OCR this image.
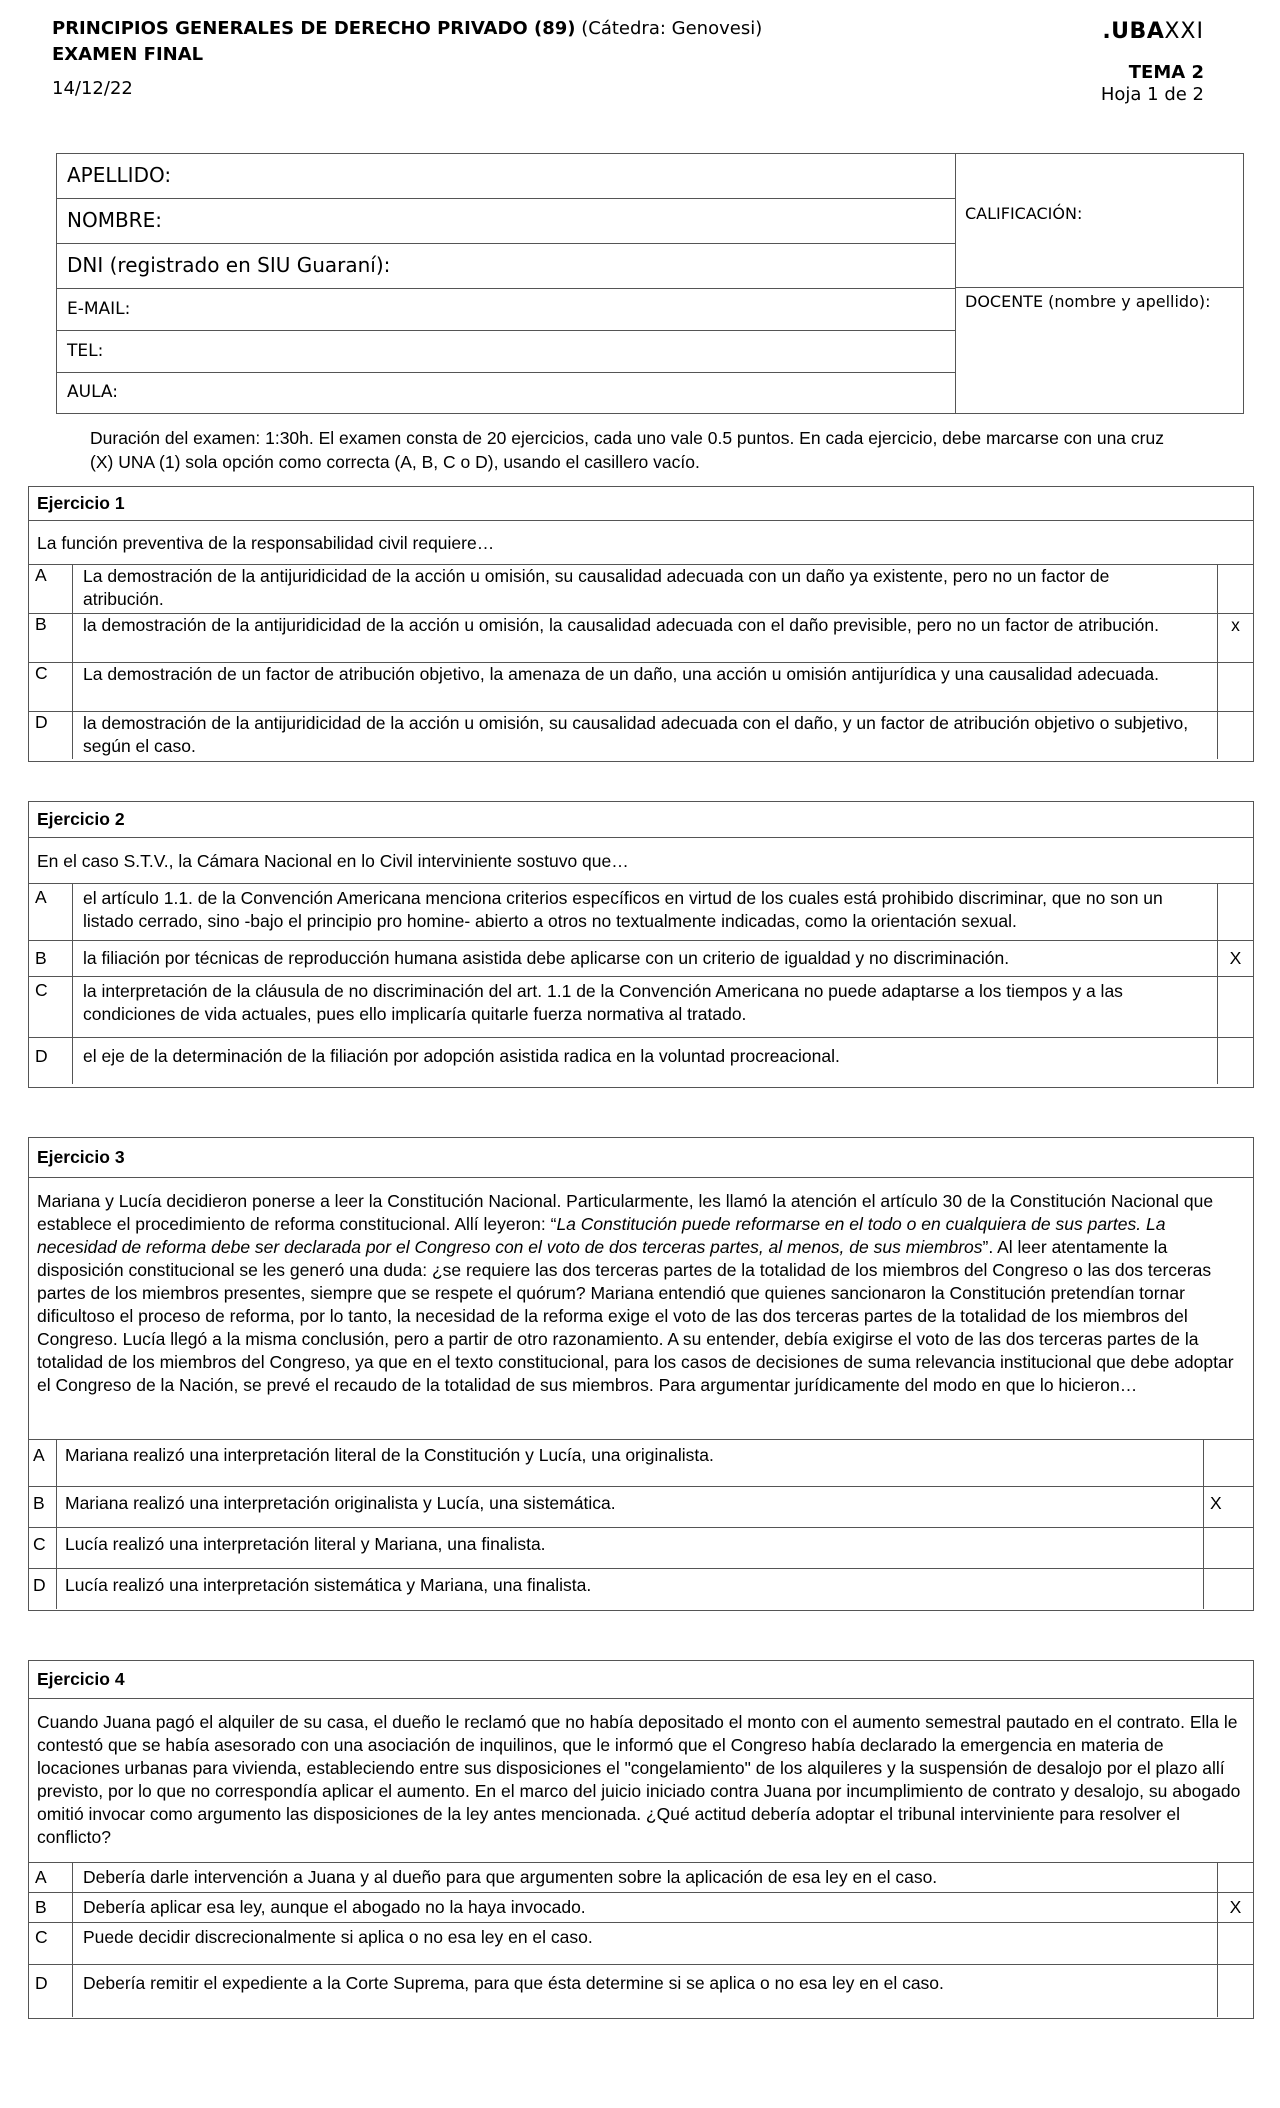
PRINCIPIOS GENERALES DE DERECHO PRIVADO (89) (Cátedra: Genovesi)
EXAMEN FINAL
14/12/22
.UBAXXI
TEMA 2
Hoja 1 de 2
APELLIDO:
NOMBRE:
DNI (registrado en SIU Guaraní):
E-MAIL:
TEL:
AULA:
CALIFICACIÓN:
DOCENTE (nombre y apellido):
Duración del examen: 1:30h. El examen consta de 20 ejercicios, cada uno vale 0.5 puntos. En cada ejercicio, debe marcarse con una cruz (X) UNA (1) sola opción como correcta (A, B, C o D), usando el casillero vacío.
Ejercicio 1
La función preventiva de la responsabilidad civil requiere…
A	La demostración de la antijuridicidad de la acción u omisión, su causalidad adecuada con un daño ya existente, pero no un factor de atribución.
B	la demostración de la antijuridicidad de la acción u omisión, la causalidad adecuada con el daño previsible, pero no un factor de atribución.	x
C	La demostración de un factor de atribución objetivo, la amenaza de un daño, una acción u omisión antijurídica y una causalidad adecuada.
D	la demostración de la antijuridicidad de la acción u omisión, su causalidad adecuada con el daño, y un factor de atribución objetivo o subjetivo, según el caso.
Ejercicio 2
En el caso S.T.V., la Cámara Nacional en lo Civil interviniente sostuvo que…
A	el artículo 1.1. de la Convención Americana menciona criterios específicos en virtud de los cuales está prohibido discriminar, que no son un listado cerrado, sino -bajo el principio pro homine- abierto a otros no textualmente indicadas, como la orientación sexual.
B	la filiación por técnicas de reproducción humana asistida debe aplicarse con un criterio de igualdad y no discriminación.	X
C	la interpretación de la cláusula de no discriminación del art. 1.1 de la Convención Americana no puede adaptarse a los tiempos y a las condiciones de vida actuales, pues ello implicaría quitarle fuerza normativa al tratado.
D	el eje de la determinación de la filiación por adopción asistida radica en la voluntad procreacional.
Ejercicio 3
Mariana y Lucía decidieron ponerse a leer la Constitución Nacional. Particularmente, les llamó la atención el artículo 30 de la Constitución Nacional que establece el procedimiento de reforma constitucional. Allí leyeron: “La Constitución puede reformarse en el todo o en cualquiera de sus partes. La necesidad de reforma debe ser declarada por el Congreso con el voto de dos terceras partes, al menos, de sus miembros”. Al leer atentamente la disposición constitucional se les generó una duda: ¿se requiere las dos terceras partes de la totalidad de los miembros del Congreso o las dos terceras partes de los miembros presentes, siempre que se respete el quórum? Mariana entendió que quienes sancionaron la Constitución pretendían tornar dificultoso el proceso de reforma, por lo tanto, la necesidad de la reforma exige el voto de las dos terceras partes de la totalidad de los miembros del Congreso. Lucía llegó a la misma conclusión, pero a partir de otro razonamiento. A su entender, debía exigirse el voto de las dos terceras partes de la totalidad de los miembros del Congreso, ya que en el texto constitucional, para los casos de decisiones de suma relevancia institucional que debe adoptar el Congreso de la Nación, se prevé el recaudo de la totalidad de sus miembros. Para argumentar jurídicamente del modo en que lo hicieron…
A	Mariana realizó una interpretación literal de la Constitución y Lucía, una originalista.
B	Mariana realizó una interpretación originalista y Lucía, una sistemática.	X
C	Lucía realizó una interpretación literal y Mariana, una finalista.
D	Lucía realizó una interpretación sistemática y Mariana, una finalista.
Ejercicio 4
Cuando Juana pagó el alquiler de su casa, el dueño le reclamó que no había depositado el monto con el aumento semestral pautado en el contrato. Ella le contestó que se había asesorado con una asociación de inquilinos, que le informó que el Congreso había declarado la emergencia en materia de locaciones urbanas para vivienda, estableciendo entre sus disposiciones el "congelamiento" de los alquileres y la suspensión de desalojo por el plazo allí previsto, por lo que no correspondía aplicar el aumento. En el marco del juicio iniciado contra Juana por incumplimiento de contrato y desalojo, su abogado omitió invocar como argumento las disposiciones de la ley antes mencionada. ¿Qué actitud debería adoptar el tribunal interviniente para resolver el conflicto?
A	Debería darle intervención a Juana y al dueño para que argumenten sobre la aplicación de esa ley en el caso.
B	Debería aplicar esa ley, aunque el abogado no la haya invocado.	X
C	Puede decidir discrecionalmente si aplica o no esa ley en el caso.
D	Debería remitir el expediente a la Corte Suprema, para que ésta determine si se aplica o no esa ley en el caso.
